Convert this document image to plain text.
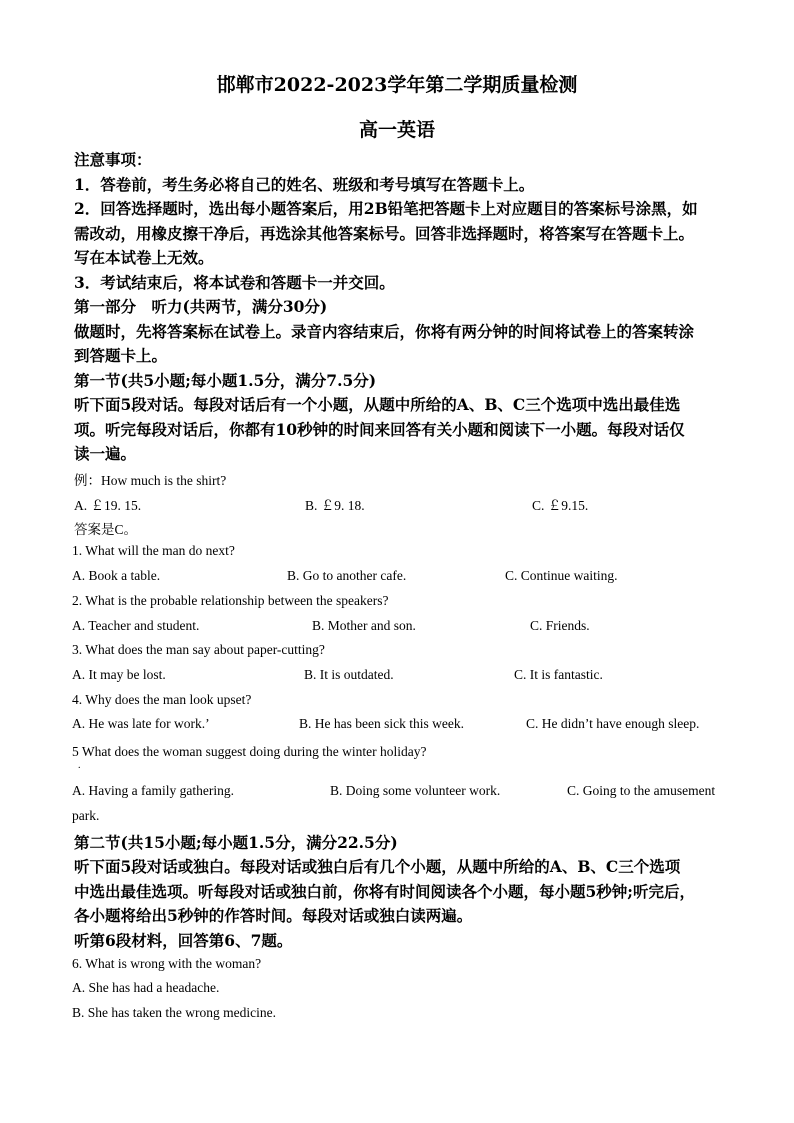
邯郸市2022-2023学年第二学期质量检测
高一英语
注意事项：
1．答卷前，考生务必将自己的姓名、班级和考号填写在答题卡上。
2．回答选择题时，选出每小题答案后，用2B铅笔把答题卡上对应题目的答案标号涂黑，如
需改动，用橡皮擦干净后，再选涂其他答案标号。回答非选择题时，将答案写在答题卡上。
写在本试卷上无效。
3．考试结束后，将本试卷和答题卡一并交回。
第一部分　听力(共两节，满分30分)
做题时，先将答案标在试卷上。录音内容结束后，你将有两分钟的时间将试卷上的答案转涂
到答题卡上。
第一节(共5小题;每小题1.5分，满分7.5分)
听下面5段对话。每段对话后有一个小题，从题中所给的A、B、C三个选项中选出最佳选
项。听完每段对话后，你都有10秒钟的时间来回答有关小题和阅读下一小题。每段对话仅
读一遍。
例：How much is the shirt?
A. ￡19. 15.	B. ￡9. 18.	C. ￡9.15.
答案是C。
1. What will the man do next?
A. Book a table.	B. Go to another cafe.	C. Continue waiting.
2. What is the probable relationship between the speakers?
A. Teacher and student.	B. Mother and son.	C. Friends.
3. What does the man say about paper-cutting?
A. It may be lost.	B. It is outdated.	C. It is fantastic.
4. Why does the man look upset?
A. He was late for work.’	B. He has been sick this week.	C. He didn’t have enough sleep.
5 What does the woman suggest doing during the winter holiday?
.
A. Having a family gathering.	B. Doing some volunteer work.	C. Going to the amusement
park.
第二节(共15小题;每小题1.5分，满分22.5分)
听下面5段对话或独白。每段对话或独白后有几个小题，从题中所给的A、B、C三个选项
中选出最佳选项。听每段对话或独白前，你将有时间阅读各个小题，每小题5秒钟;听完后，
各小题将给出5秒钟的作答时间。每段对话或独白读两遍。
听第6段材料，回答第6、7题。
6. What is wrong with the woman?
A. She has had a headache.
B. She has taken the wrong medicine.
